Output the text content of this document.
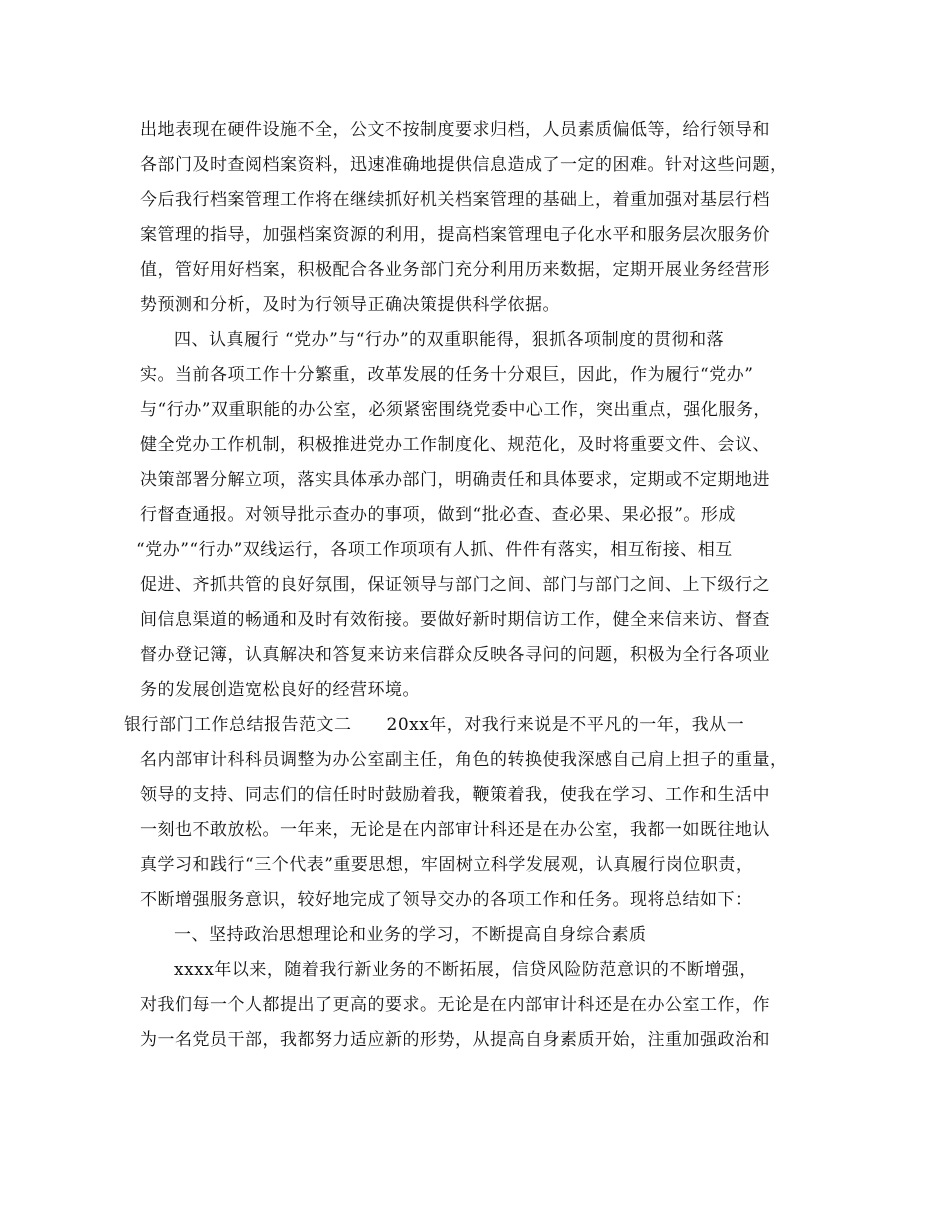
出地表现在硬件设施不全，公文不按制度要求归档，人员素质偏低等，给行领导和
各部门及时查阅档案资料，迅速准确地提供信息造成了一定的困难。针对这些问题，
今后我行档案管理工作将在继续抓好机关档案管理的基础上，着重加强对基层行档
案管理的指导，加强档案资源的利用，提高档案管理电子化水平和服务层次服务价
值，管好用好档案，积极配合各业务部门充分利用历来数据，定期开展业务经营形
势预测和分析，及时为行领导正确决策提供科学依据。
四、认真履行 “党办”与“行办”的双重职能得，狠抓各项制度的贯彻和落
实。当前各项工作十分繁重，改革发展的任务十分艰巨，因此，作为履行“党办”
与“行办”双重职能的办公室，必须紧密围绕党委中心工作，突出重点，强化服务，
健全党办工作机制，积极推进党办工作制度化、规范化，及时将重要文件、会议、
决策部署分解立项，落实具体承办部门，明确责任和具体要求，定期或不定期地进
行督查通报。对领导批示查办的事项，做到“批必查、查必果、果必报”。形成
“党办”“行办”双线运行，各项工作项项有人抓、件件有落实，相互衔接、相互
促进、齐抓共管的良好氛围，保证领导与部门之间、部门与部门之间、上下级行之
间信息渠道的畅通和及时有效衔接。要做好新时期信访工作，健全来信来访、督查
督办登记簿，认真解决和答复来访来信群众反映各寻问的问题，积极为全行各项业
务的发展创造宽松良好的经营环境。
银行部门工作总结报告范文二　　20xx年，对我行来说是不平凡的一年，我从一
名内部审计科科员调整为办公室副主任，角色的转换使我深感自己肩上担子的重量，
领导的支持、同志们的信任时时鼓励着我，鞭策着我，使我在学习、工作和生活中
一刻也不敢放松。一年来，无论是在内部审计科还是在办公室，我都一如既往地认
真学习和践行“三个代表”重要思想，牢固树立科学发展观，认真履行岗位职责，
不断增强服务意识，较好地完成了领导交办的各项工作和任务。现将总结如下：
一、坚持政治思想理论和业务的学习，不断提高自身综合素质
xxxx年以来，随着我行新业务的不断拓展，信贷风险防范意识的不断增强，
对我们每一个人都提出了更高的要求。无论是在内部审计科还是在办公室工作，作
为一名党员干部，我都努力适应新的形势，从提高自身素质开始，注重加强政治和
